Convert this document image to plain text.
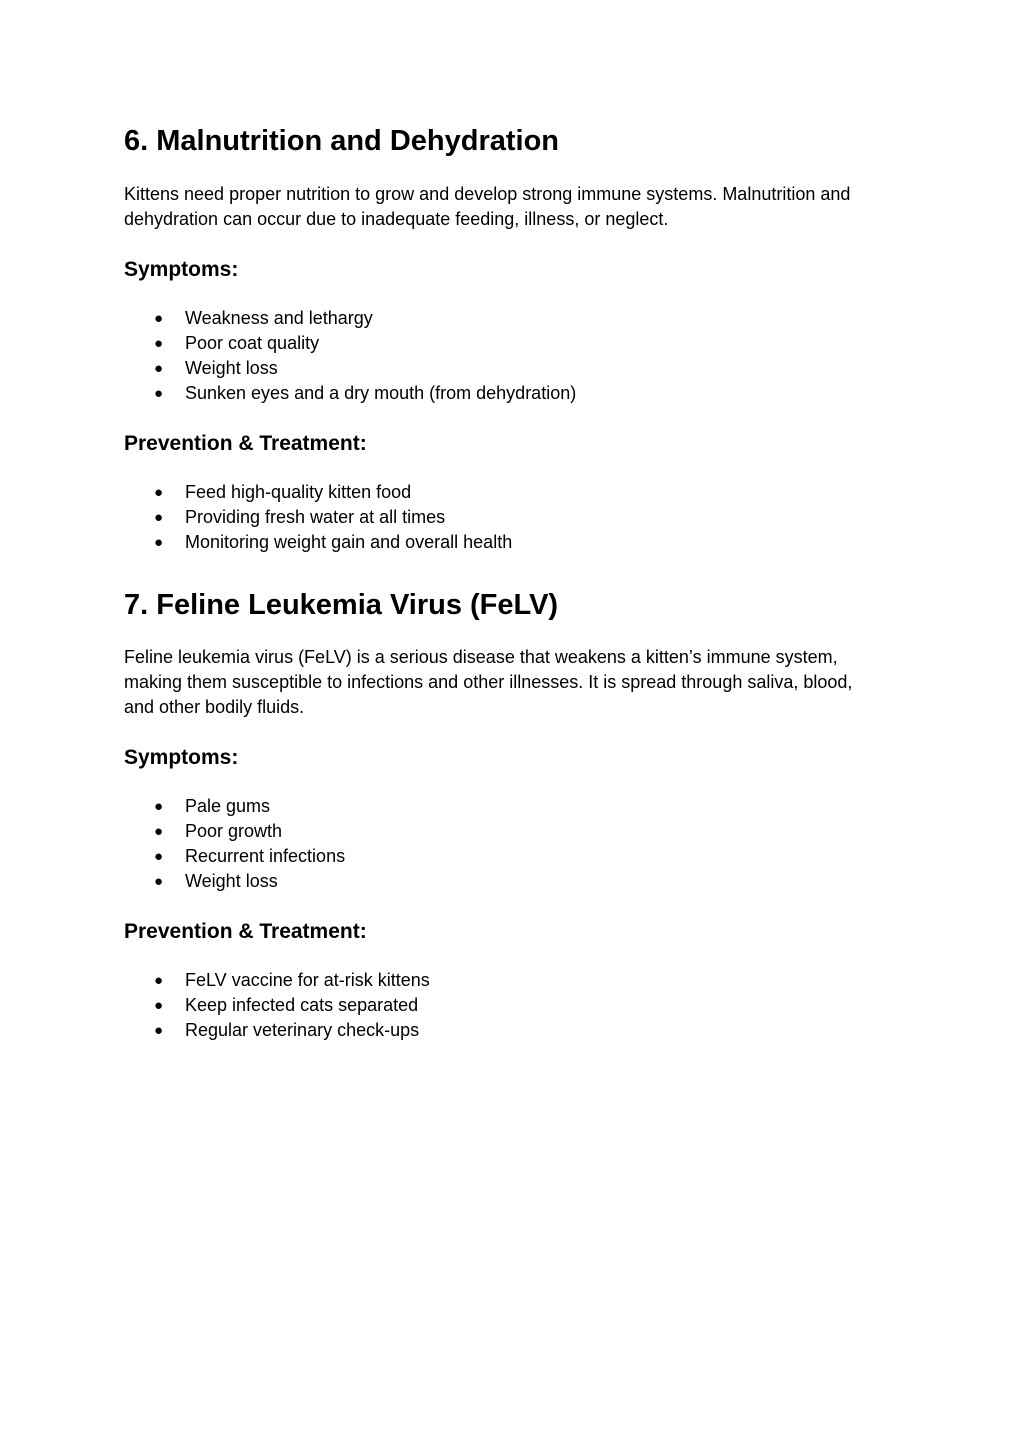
6. Malnutrition and Dehydration

Kittens need proper nutrition to grow and develop strong immune systems. Malnutrition and
dehydration can occur due to inadequate feeding, illness, or neglect.

Symptoms:
● Weakness and lethargy
● Poor coat quality
● Weight loss
● Sunken eyes and a dry mouth (from dehydration)
Prevention & Treatment:
● Feed high-quality kitten food
● Providing fresh water at all times
● Monitoring weight gain and overall health
7. Feline Leukemia Virus (FeLV)

Feline leukemia virus (FeLV) is a serious disease that weakens a kitten’s immune system,
making them susceptible to infections and other illnesses. It is spread through saliva, blood,
and other bodily fluids.

Symptoms:
● Pale gums
● Poor growth
● Recurrent infections
● Weight loss
Prevention & Treatment:
● FeLV vaccine for at-risk kittens
● Keep infected cats separated
● Regular veterinary check-ups
